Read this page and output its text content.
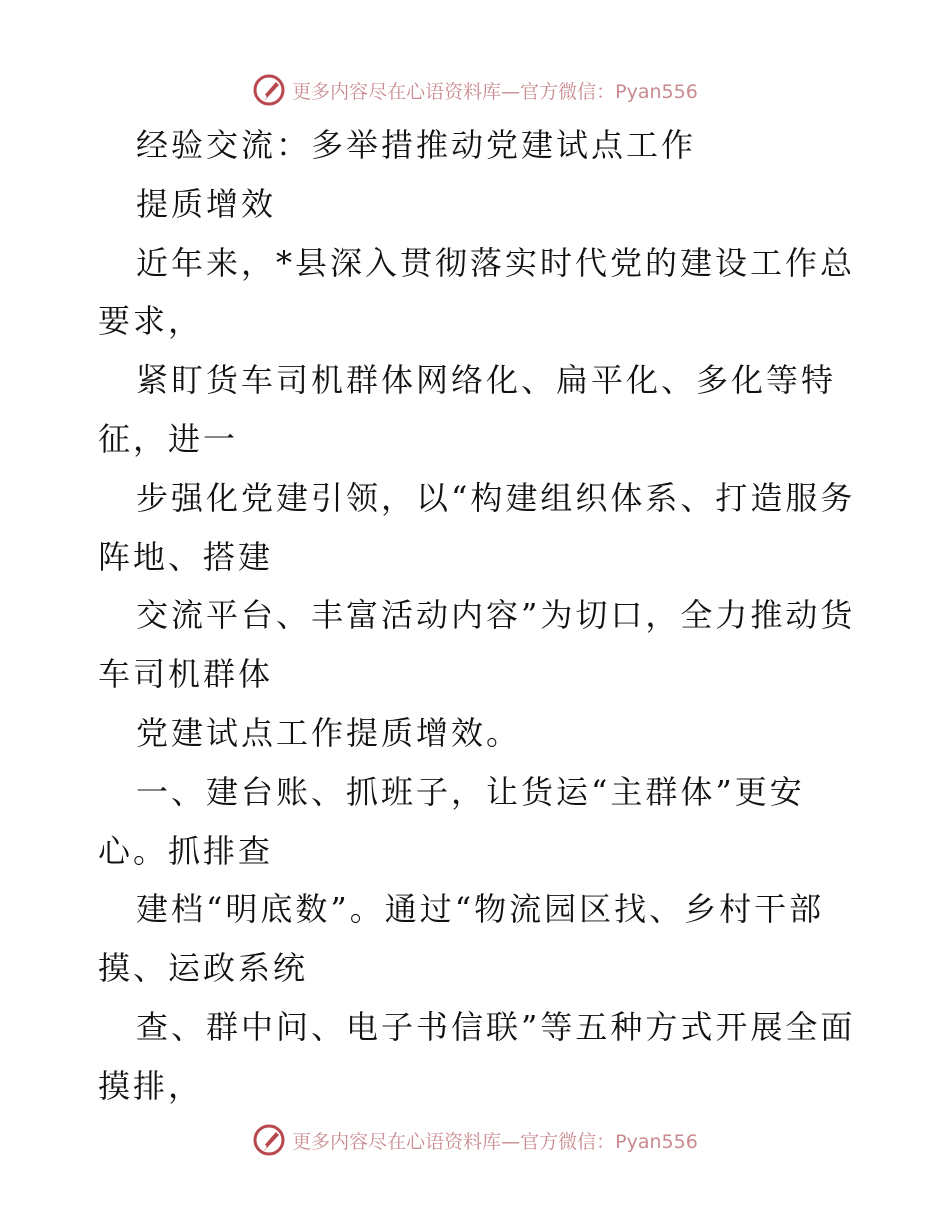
更多内容尽在心语资料库—官方微信：Pyan556
经验交流：多举措推动党建试点工作
提质增效
近年来，*县深入贯彻落实时代党的建设工作总
要求，
紧盯货车司机群体网络化、扁平化、多化等特
征，进一
步强化党建引领，以“构建组织体系、打造服务
阵地、搭建
交流平台、丰富活动内容”为切口，全力推动货
车司机群体
党建试点工作提质增效。
一、建台账、抓班子，让货运“主群体”更安
心。抓排查
建档“明底数”。通过“物流园区找、乡村干部
摸、运政系统
查、群中问、电子书信联”等五种方式开展全面
摸排，
更多内容尽在心语资料库—官方微信：Pyan556
